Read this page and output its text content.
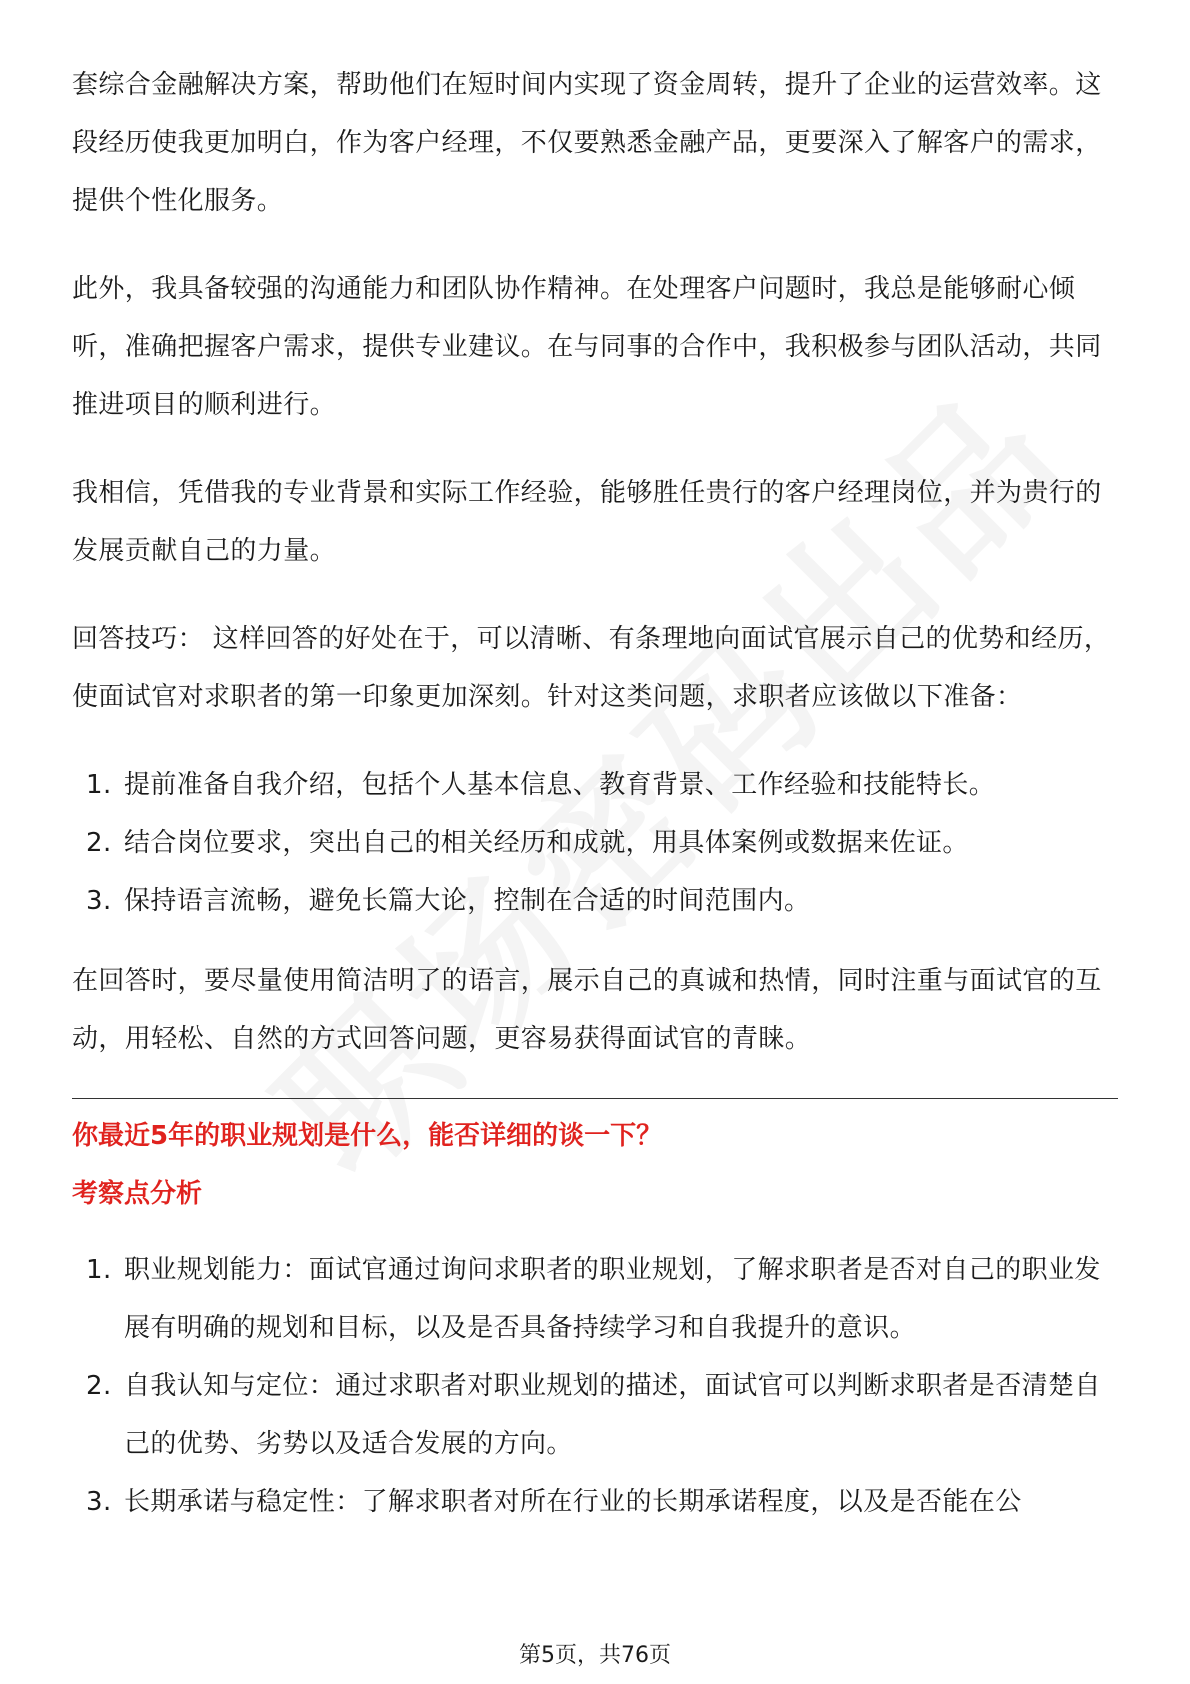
套综合金融解决方案，帮助他们在短时间内实现了资金周转，提升了企业的运营效率。这段经历使我更加明白，作为客户经理，不仅要熟悉金融产品，更要深入了解客户的需求，提供个性化服务。

此外，我具备较强的沟通能力和团队协作精神。在处理客户问题时，我总是能够耐心倾听，准确把握客户需求，提供专业建议。在与同事的合作中，我积极参与团队活动，共同推进项目的顺利进行。

我相信，凭借我的专业背景和实际工作经验，能够胜任贵行的客户经理岗位，并为贵行的发展贡献自己的力量。

回答技巧： 这样回答的好处在于，可以清晰、有条理地向面试官展示自己的优势和经历，使面试官对求职者的第一印象更加深刻。针对这类问题，求职者应该做以下准备：

1. 提前准备自我介绍，包括个人基本信息、教育背景、工作经验和技能特长。
2. 结合岗位要求，突出自己的相关经历和成就，用具体案例或数据来佐证。
3. 保持语言流畅，避免长篇大论，控制在合适的时间范围内。

在回答时，要尽量使用简洁明了的语言，展示自己的真诚和热情，同时注重与面试官的互动，用轻松、自然的方式回答问题，更容易获得面试官的青睐。

你最近5年的职业规划是什么，能否详细的谈一下？
考察点分析
1. 职业规划能力：面试官通过询问求职者的职业规划，了解求职者是否对自己的职业发展有明确的规划和目标，以及是否具备持续学习和自我提升的意识。
2. 自我认知与定位：通过求职者对职业规划的描述，面试官可以判断求职者是否清楚自己的优势、劣势以及适合发展的方向。
3. 长期承诺与稳定性：了解求职者对所在行业的长期承诺程度，以及是否能在公
第5页，共76页
